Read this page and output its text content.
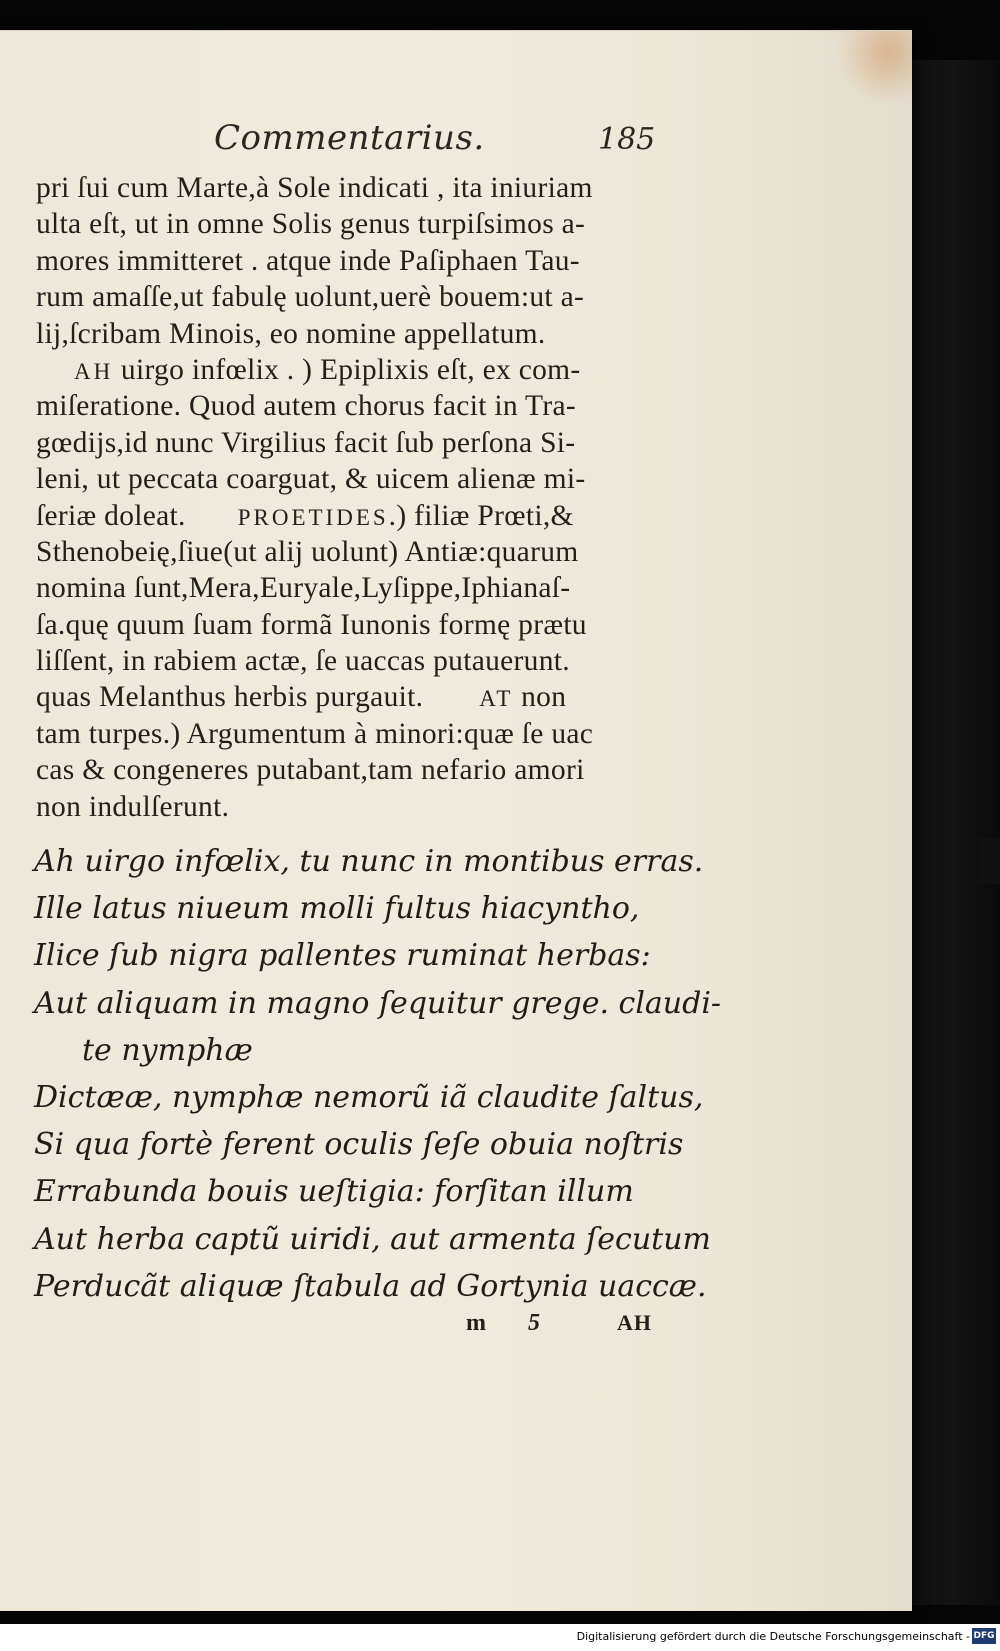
Commentarius.	185
pri ſui cum Marte,à Sole indicati , ita iniuriam
ulta eſt, ut in omne Solis genus turpiſsimos a-
mores immitteret . atque inde Paſiphaen Tau-
rum amaſſe,ut fabulę uolunt,uerè bouem:ut a-
lij,ſcribam Minois, eo nomine appellatum.
AH uirgo infœlix . ) Epiplixis eſt, ex com-
miſeratione. Quod autem chorus facit in Tra-
gœdijs,id nunc Virgilius facit ſub perſona Si-
leni, ut peccata coarguat, & uicem alienæ mi-
ſeriæ doleat. PROETIDES.) filiæ Prœti,&
Sthenobeię,ſiue(ut alij uolunt) Antiæ:quarum
nomina ſunt,Mera,Euryale,Lyſippe,Iphianaſ-
ſa.quę quum ſuam formã Iunonis formę prætu
liſſent, in rabiem actæ, ſe uaccas putauerunt.
quas Melanthus herbis purgauit. AT non
tam turpes.) Argumentum à minori:quæ ſe uac
cas & congeneres putabant,tam nefario amori
non indulſerunt.
Ah uirgo infœlix, tu nunc in montibus erras.
Ille latus niueum molli fultus hiacyntho,
Ilice ſub nigra pallentes ruminat herbas:
Aut aliquam in magno ſequitur grege. claudi-
te nymphæ
Dictææ, nymphæ nemorũ iã claudite ſaltus,
Si qua fortè ferent oculis ſeſe obuia noſtris
Errabunda bouis ueſtigia: forſitan illum
Aut herba captũ uiridi, aut armenta ſecutum
Perducãt aliquæ ſtabula ad Gortynia uaccæ.
m 5	AH
Digitalisierung gefördert durch die Deutsche Forschungsgemeinschaft - DFG
